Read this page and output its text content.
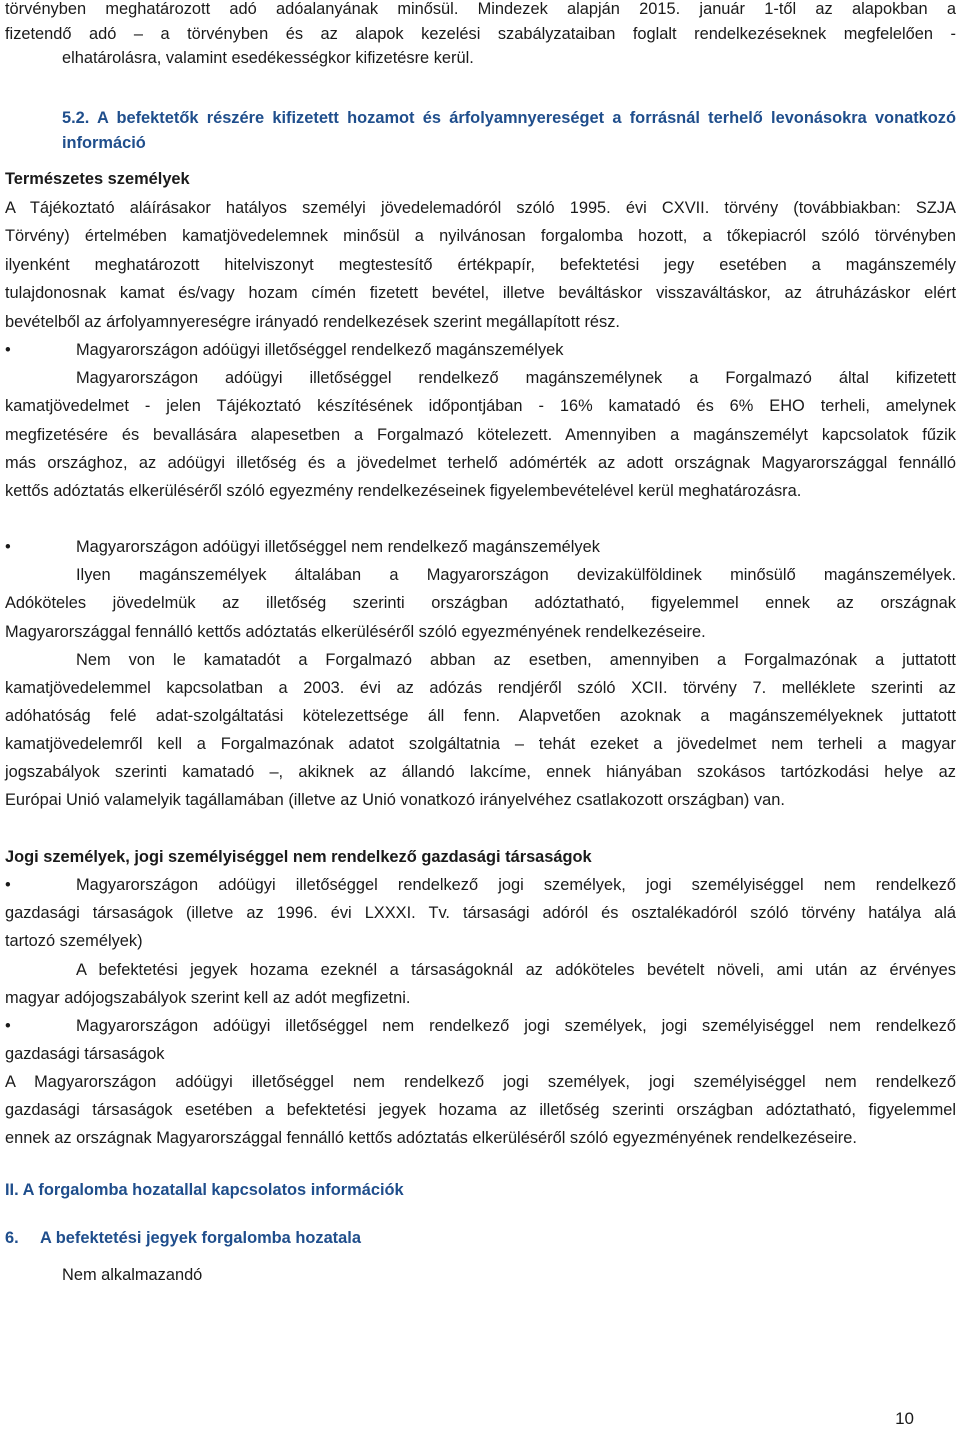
törvényben meghatározott adó adóalanyának minősül. Mindezek alapján 2015. január 1-től az alapokban a
fizetendő adó – a törvényben és az alapok kezelési szabályzataiban foglalt rendelkezéseknek megfelelően -
elhatárolásra, valamint esedékességkor kifizetésre kerül.
5.2. A befektetők részére kifizetett hozamot és árfolyamnyereséget a forrásnál terhelő levonásokra vonatkozó
információ
Természetes személyek
A Tájékoztató aláírásakor hatályos személyi jövedelemadóról szóló 1995. évi CXVII. törvény (továbbiakban: SZJA
Törvény) értelmében kamatjövedelemnek minősül a nyilvánosan forgalomba hozott, a tőkepiacról szóló törvényben
ilyenként meghatározott hitelviszonyt megtestesítő értékpapír, befektetési jegy esetében a magánszemély
tulajdonosnak kamat és/vagy hozam címén fizetett bevétel, illetve beváltáskor visszaváltáskor, az átruházáskor elért
bevételből az árfolyamnyereségre irányadó rendelkezések szerint megállapított rész.
•	Magyarországon adóügyi illetőséggel rendelkező magánszemélyek
Magyarországon adóügyi illetőséggel rendelkező magánszemélynek a Forgalmazó által kifizetett
kamatjövedelmet - jelen Tájékoztató készítésének időpontjában - 16% kamatadó és 6% EHO terheli, amelynek
megfizetésére és bevallására alapesetben a Forgalmazó kötelezett. Amennyiben a magánszemélyt kapcsolatok fűzik
más országhoz, az adóügyi illetőség és a jövedelmet terhelő adómérték az adott országnak Magyarországgal fennálló
kettős adóztatás elkerüléséről szóló egyezmény rendelkezéseinek figyelembevételével kerül meghatározásra.
•	Magyarországon adóügyi illetőséggel nem rendelkező magánszemélyek
Ilyen magánszemélyek általában a Magyarországon devizakülföldinek minősülő magánszemélyek.
Adóköteles jövedelmük az illetőség szerinti országban adóztatható, figyelemmel ennek az országnak
Magyarországgal fennálló kettős adóztatás elkerüléséről szóló egyezményének rendelkezéseire.
Nem von le kamatadót a Forgalmazó abban az esetben, amennyiben a Forgalmazónak a juttatott
kamatjövedelemmel kapcsolatban a 2003. évi az adózás rendjéről szóló XCII. törvény 7. melléklete szerinti az
adóhatóság felé adat-szolgáltatási kötelezettsége áll fenn. Alapvetően azoknak a magánszemélyeknek juttatott
kamatjövedelemről kell a Forgalmazónak adatot szolgáltatnia – tehát ezeket a jövedelmet nem terheli a magyar
jogszabályok szerinti kamatadó –, akiknek az állandó lakcíme, ennek hiányában szokásos tartózkodási helye az
Európai Unió valamelyik tagállamában (illetve az Unió vonatkozó irányelvéhez csatlakozott országban) van.
Jogi személyek, jogi személyiséggel nem rendelkező gazdasági társaságok
•	Magyarországon adóügyi illetőséggel rendelkező jogi személyek, jogi személyiséggel nem rendelkező
gazdasági társaságok (illetve az 1996. évi LXXXI. Tv. társasági adóról és osztalékadóról szóló törvény hatálya alá
tartozó személyek)
A befektetési jegyek hozama ezeknél a társaságoknál az adóköteles bevételt növeli, ami után az érvényes
magyar adójogszabályok szerint kell az adót megfizetni.
•	Magyarországon adóügyi illetőséggel nem rendelkező jogi személyek, jogi személyiséggel nem rendelkező
gazdasági társaságok
A Magyarországon adóügyi illetőséggel nem rendelkező jogi személyek, jogi személyiséggel nem rendelkező
gazdasági társaságok esetében a befektetési jegyek hozama az illetőség szerinti országban adóztatható, figyelemmel
ennek az országnak Magyarországgal fennálló kettős adóztatás elkerüléséről szóló egyezményének rendelkezéseire.
II. A forgalomba hozatallal kapcsolatos információk
6. A befektetési jegyek forgalomba hozatala
Nem alkalmazandó
10
